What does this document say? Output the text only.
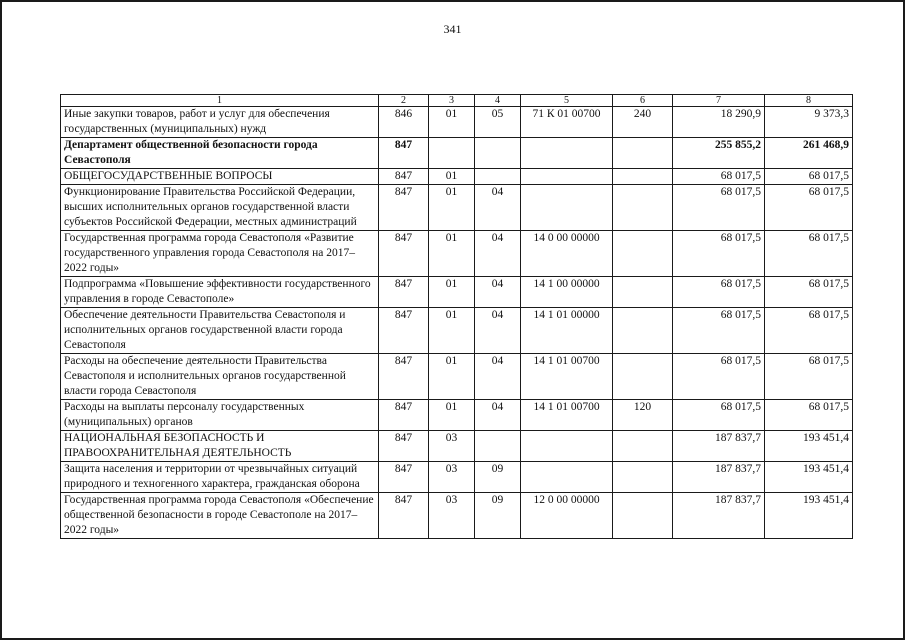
341
1	2	3	4	5	6	7	8
Иные закупки товаров, работ и услуг для обеспечения государственных (муниципальных) нужд	846	01	05	71 К 01 00700	240	18 290,9	9 373,3
Департамент общественной безопасности города Севастополя	847					255 855,2	261 468,9
ОБЩЕГОСУДАРСТВЕННЫЕ ВОПРОСЫ	847	01				68 017,5	68 017,5
Функционирование Правительства Российской Федерации, высших исполнительных органов государственной власти субъектов Российской Федерации, местных администраций	847	01	04			68 017,5	68 017,5
Государственная программа города Севастополя «Развитие государственного управления города Севастополя на 2017–2022 годы»	847	01	04	14 0 00 00000		68 017,5	68 017,5
Подпрограмма «Повышение эффективности государственного управления в городе Севастополе»	847	01	04	14 1 00 00000		68 017,5	68 017,5
Обеспечение деятельности Правительства Севастополя и исполнительных органов государственной власти города Севастополя	847	01	04	14 1 01 00000		68 017,5	68 017,5
Расходы на обеспечение деятельности Правительства Севастополя и исполнительных органов государственной власти города Севастополя	847	01	04	14 1 01 00700		68 017,5	68 017,5
Расходы на выплаты персоналу государственных (муниципальных) органов	847	01	04	14 1 01 00700	120	68 017,5	68 017,5
НАЦИОНАЛЬНАЯ БЕЗОПАСНОСТЬ И ПРАВООХРАНИТЕЛЬНАЯ ДЕЯТЕЛЬНОСТЬ	847	03				187 837,7	193 451,4
Защита населения и территории от чрезвычайных ситуаций природного и техногенного характера, гражданская оборона	847	03	09			187 837,7	193 451,4
Государственная программа города Севастополя «Обеспечение общественной безопасности в городе Севастополе на 2017–2022 годы»	847	03	09	12 0 00 00000		187 837,7	193 451,4
